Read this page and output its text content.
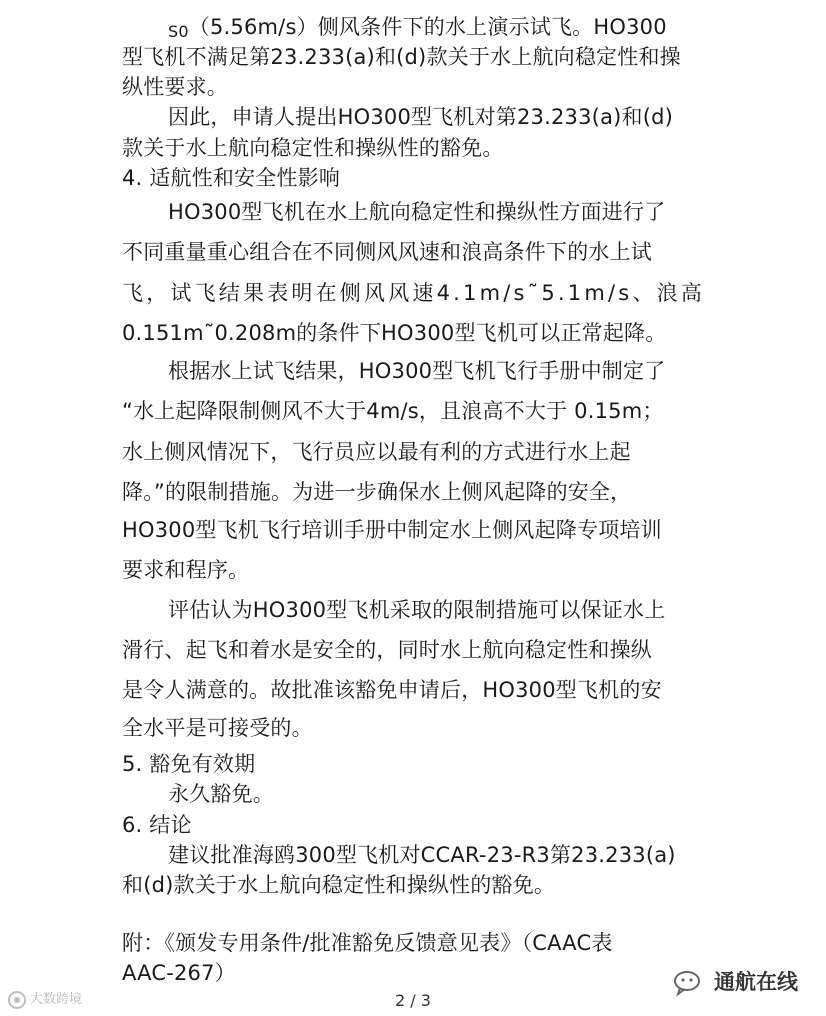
S0（5.56m/s）侧风条件下的水上演示试飞。HO300
型飞机不满足第23.233(a)和(d)款关于水上航向稳定性和操
纵性要求。
因此，申请人提出HO300型飞机对第23.233(a)和(d)
款关于水上航向稳定性和操纵性的豁免。
4. 适航性和安全性影响
HO300型飞机在水上航向稳定性和操纵性方面进行了
不同重量重心组合在不同侧风风速和浪高条件下的水上试
飞，试飞结果表明在侧风风速4.1m/s˜5.1m/s、浪高
0.151m˜0.208m的条件下HO300型飞机可以正常起降。
根据水上试飞结果，HO300型飞机飞行手册中制定了
“水上起降限制侧风不大于4m/s，且浪高不大于 0.15m；
水上侧风情况下，飞行员应以最有利的方式进行水上起
降。”的限制措施。为进一步确保水上侧风起降的安全，
HO300型飞机飞行培训手册中制定水上侧风起降专项培训
要求和程序。
评估认为HO300型飞机采取的限制措施可以保证水上
滑行、起飞和着水是安全的，同时水上航向稳定性和操纵
是令人满意的。故批准该豁免申请后，HO300型飞机的安
全水平是可接受的。
5. 豁免有效期
永久豁免。
6. 结论
建议批准海鸥300型飞机对CCAR-23-R3第23.233(a)
和(d)款关于水上航向稳定性和操纵性的豁免。
附：《颁发专用条件/批准豁免反馈意见表》（CAAC表
AAC-267）
大数跨境	2 / 3
通航在线
